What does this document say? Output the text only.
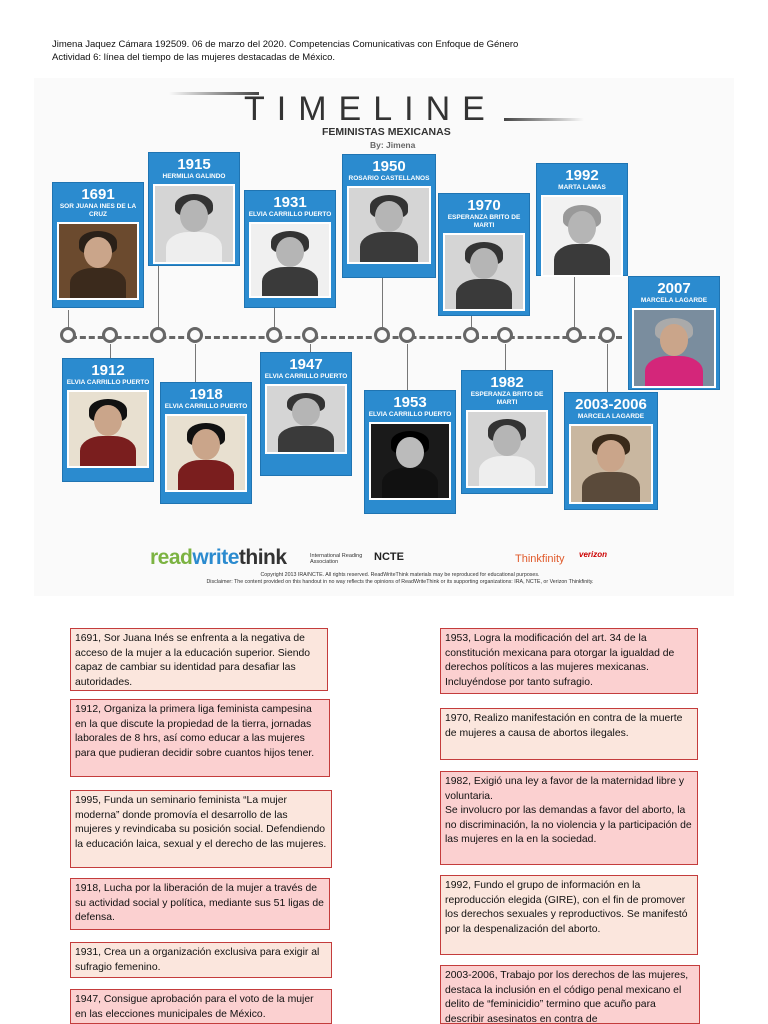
Jimena Jaquez Cámara 192509. 06 de marzo del 2020. Competencias Comunicativas con Enfoque de Género
Actividad 6: línea del tiempo de las mujeres destacadas de México.
TIMELINE
FEMINISTAS MEXICANAS
By: Jimena
1691
SOR JUANA INES DE LA CRUZ
1915
HERMILIA GALINDO
1931
ELVIA CARRILLO PUERTO
1950
ROSARIO CASTELLANOS
1970
ESPERANZA BRITO DE MARTI
1992
MARTA LAMAS
2007
MARCELA LAGARDE
1912
ELVIA CARRILLO PUERTO
1918
ELVIA CARRILLO PUERTO
1947
ELVIA CARRILLO PUERTO
1953
ELVIA CARRILLO PUERTO
1982
ESPERANZA BRITO DE MARTI	2003-2006
MARCELA LAGARDE
readwritethink	International Reading Association	NCTE	Thinkfinity verizon
Copyright 2013 IRA/NCTE. All rights reserved. ReadWriteThink materials may be reproduced for educational purposes.
Disclaimer: The content provided on this handout in no way reflects the opinions of ReadWriteThink or its supporting organizations: IRA, NCTE, or Verizon Thinkfinity.
1691, Sor Juana Inés se enfrenta a la negativa de acceso de la mujer a la educación superior. Siendo capaz de cambiar su identidad para desafiar las autoridades.
1912, Organiza la primera liga feminista campesina en la que discute la propiedad de la tierra, jornadas laborales de 8 hrs, así como educar a las mujeres para que pudieran decidir sobre cuantos hijos tener.
1995, Funda un seminario feminista “La mujer moderna” donde promovía el desarrollo de las mujeres y revindicaba su posición social. Defendiendo la educación laica, sexual y el derecho de las mujeres.
1918, Lucha por la liberación de la mujer a través de su actividad social y política, mediante sus 51 ligas de defensa.
1931, Crea un a organización exclusiva para exigir al sufragio femenino.
1947, Consigue aprobación para el voto de la mujer en las elecciones municipales de México.
1953, Logra la modificación del art. 34 de la constitución mexicana para otorgar la igualdad de derechos políticos a las mujeres mexicanas. Incluyéndose por tanto sufragio.
1970, Realizo manifestación en contra de la muerte de mujeres a causa de abortos ilegales.
1982, Exigió una ley a favor de la maternidad libre y voluntaria.
Se involucro por las demandas a favor del aborto, la no discriminación, la no violencia y la participación de las mujeres en la en la sociedad.
1992, Fundo el grupo de información en la reproducción elegida (GIRE), con el fin de promover los derechos sexuales y reproductivos. Se manifestó por la despenalización del aborto.
2003-2006, Trabajo por los derechos de las mujeres, destaca la inclusión en el código penal mexicano el delito de “feminicidio” termino que acuño para describir asesinatos en contra de
